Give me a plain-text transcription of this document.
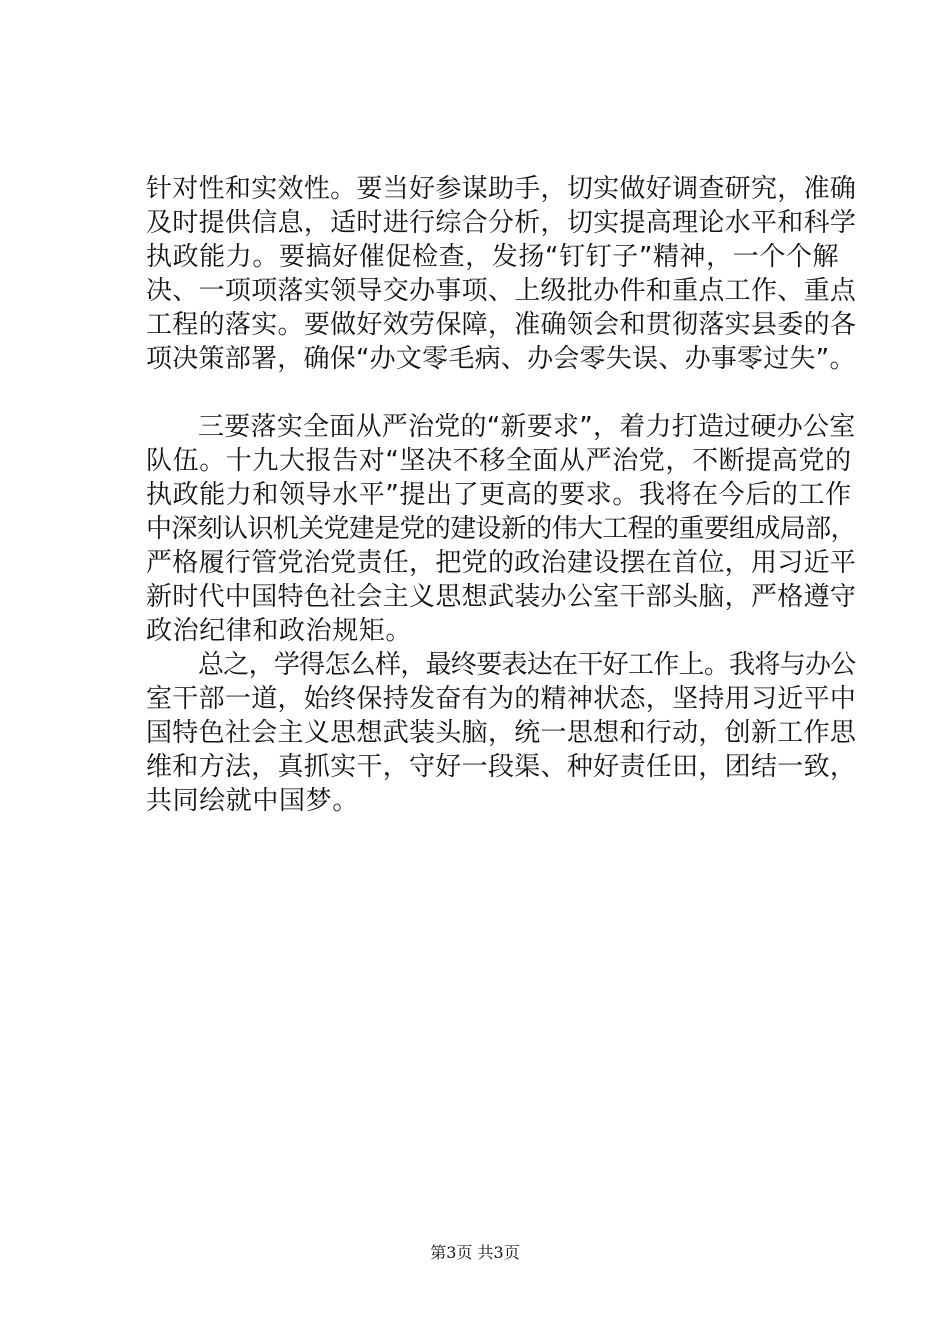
针对性和实效性。要当好参谋助手，切实做好调查研究，准确
及时提供信息，适时进行综合分析，切实提高理论水平和科学
执政能力。要搞好催促检查，发扬“钉钉子”精神，一个个解
决、一项项落实领导交办事项、上级批办件和重点工作、重点
工程的落实。要做好效劳保障，准确领会和贯彻落实县委的各
项决策部署，确保“办文零毛病、办会零失误、办事零过失”。
三要落实全面从严治党的“新要求”，着力打造过硬办公室
队伍。十九大报告对“坚决不移全面从严治党，不断提高党的
执政能力和领导水平”提出了更高的要求。我将在今后的工作
中深刻认识机关党建是党的建设新的伟大工程的重要组成局部，
严格履行管党治党责任，把党的政治建设摆在首位，用习近平
新时代中国特色社会主义思想武装办公室干部头脑，严格遵守
政治纪律和政治规矩。
总之，学得怎么样，最终要表达在干好工作上。我将与办公
室干部一道，始终保持发奋有为的精神状态，坚持用习近平中
国特色社会主义思想武装头脑，统一思想和行动，创新工作思
维和方法，真抓实干，守好一段渠、种好责任田，团结一致，
共同绘就中国梦。
第3页 共3页
